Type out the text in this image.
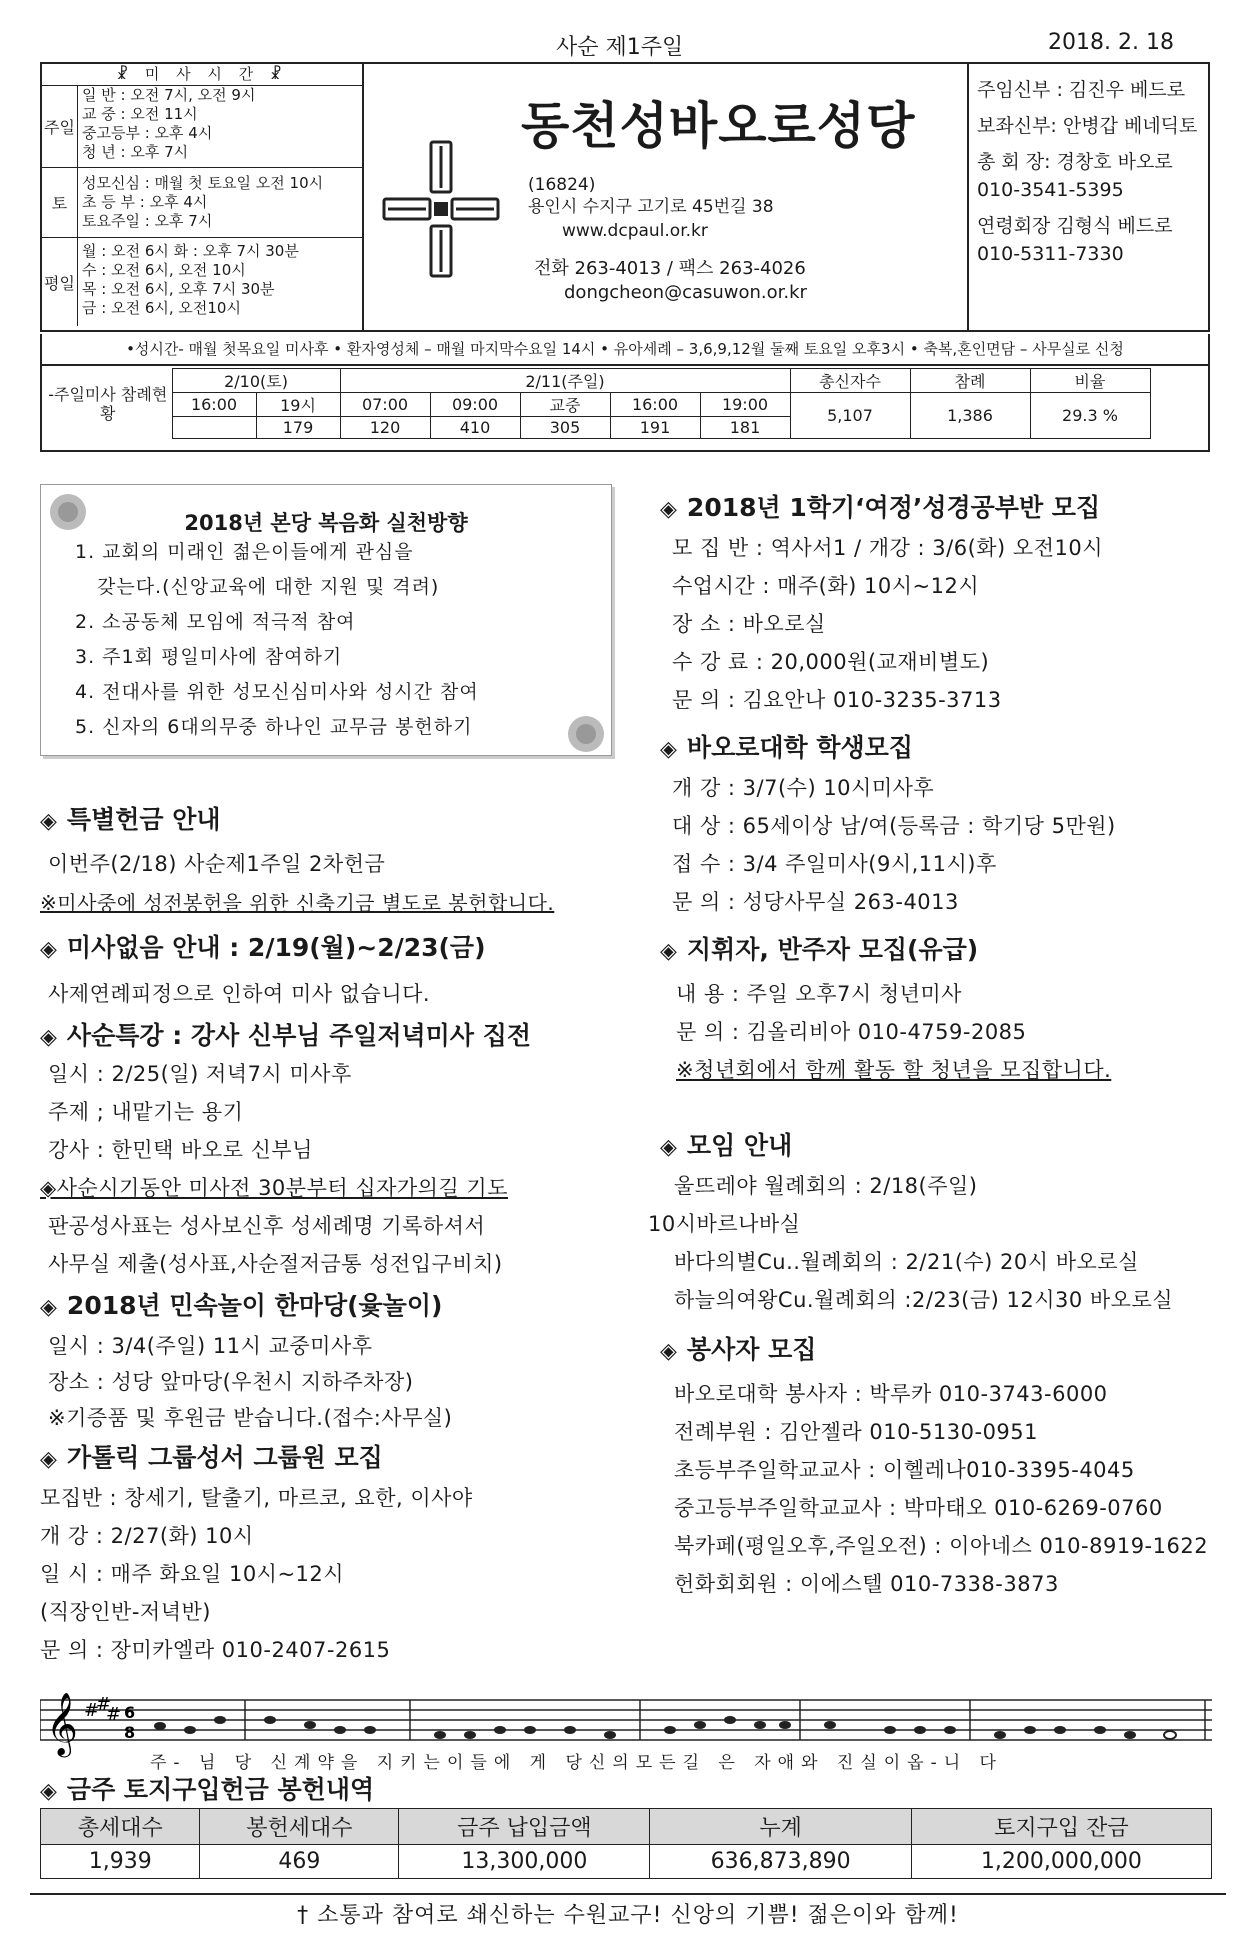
사순 제1주일	2018. 2. 18
☧ 미 사 시 간 ☧
주일
일 반 : 오전 7시, 오전 9시
교 중 : 오전 11시
중고등부 : 오후 4시
청 년 : 오후 7시
토
성모신심 : 매월 첫 토요일 오전 10시
초 등 부 : 오후 4시
토요주일 : 오후 7시
평일
월 : 오전 6시 화 : 오후 7시 30분
수 : 오전 6시, 오전 10시
목 : 오전 6시, 오후 7시 30분
금 : 오전 6시, 오전10시
동천성바오로성당
(16824)
용인시 수지구 고기로 45번길 38
www.dcpaul.or.kr
전화 263-4013 / 팩스 263-4026
dongcheon@casuwon.or.kr
주임신부 : 김진우 베드로
보좌신부: 안병갑 베네딕토
총 회 장: 경창호 바오로
010-3541-5395
연령회장 김형식 베드로
010-5311-7330
•성시간- 매월 첫목요일 미사후 • 환자영성체 – 매월 마지막수요일 14시 • 유아세례 – 3,6,9,12월 둘째 토요일 오후3시 • 축복,혼인면담 – 사무실로 신청
-주일미사 참례현황	2/10(토)		2/11(주일)					총신자수	참례	비율
	16:00	19시	07:00	09:00	교중	16:00	19:00	5,107	1,386	29.3 %
		179	120	410	305	191	181			
2018년 본당 복음화 실천방향
1. 교회의 미래인 젊은이들에게 관심을
갖는다.(신앙교육에 대한 지원 및 격려)
2. 소공동체 모임에 적극적 참여
3. 주1회 평일미사에 참여하기
4. 전대사를 위한 성모신심미사와 성시간 참여
5. 신자의 6대의무중 하나인 교무금 봉헌하기
◈ 특별헌금 안내
이번주(2/18) 사순제1주일 2차헌금
※미사중에 성전봉헌을 위한 신축기금 별도로 봉헌합니다.
◈ 미사없음 안내 : 2/19(월)~2/23(금)
사제연례피정으로 인하여 미사 없습니다.
◈ 사순특강 : 강사 신부님 주일저녁미사 집전
일시 : 2/25(일) 저녁7시 미사후
주제 ; 내맡기는 용기
강사 : 한민택 바오로 신부님
◈사순시기동안 미사전 30분부터 십자가의길 기도
판공성사표는 성사보신후 성세례명 기록하셔서
사무실 제출(성사표,사순절저금통 성전입구비치)
◈ 2018년 민속놀이 한마당(윷놀이)
일시 : 3/4(주일) 11시 교중미사후
장소 : 성당 앞마당(우천시 지하주차장)
※기증품 및 후원금 받습니다.(접수:사무실)
◈ 가톨릭 그룹성서 그룹원 모집
모집반 : 창세기, 탈출기, 마르코, 요한, 이사야
개 강 : 2/27(화) 10시
일 시 : 매주 화요일 10시~12시
(직장인반-저녁반)
문 의 : 장미카엘라 010-2407-2615
◈ 2018년 1학기‘여정’성경공부반 모집
모 집 반 : 역사서1 / 개강 : 3/6(화) 오전10시
수업시간 : 매주(화) 10시~12시
장 소 : 바오로실
수 강 료 : 20,000원(교재비별도)
문 의 : 김요안나 010-3235-3713
◈ 바오로대학 학생모집
개 강 : 3/7(수) 10시미사후
대 상 : 65세이상 남/여(등록금 : 학기당 5만원)
접 수 : 3/4 주일미사(9시,11시)후
문 의 : 성당사무실 263-4013
◈ 지휘자, 반주자 모집(유급)
내 용 : 주일 오후7시 청년미사
문 의 : 김올리비아 010-4759-2085
※청년회에서 함께 활동 할 청년을 모집합니다.
◈ 모임 안내
울뜨레야 월례회의 : 2/18(주일)
10시바르나바실
바다의별Cu..월례회의 : 2/21(수) 20시 바오로실
하늘의여왕Cu.월례회의 :2/23(금) 12시30 바오로실
◈ 봉사자 모집
바오로대학 봉사자 : 박루카 010-3743-6000
전례부원 : 김안젤라 010-5130-0951
초등부주일학교교사 : 이헬레나010-3395-4045
중고등부주일학교교사 : 박마태오 010-6269-0760
북카페(평일오후,주일오전) : 이아네스 010-8919-1622
헌화회회원 : 이에스텔 010-7338-3873
𝄞 #
#
# 6
8
주- 님 당 신계약을 지키는이들에 게 당신의모든길 은 자애와 진실이옵-니 다
◈ 금주 토지구입헌금 봉헌내역
총세대수	봉헌세대수	금주 납입금액	누계	토지구입 잔금
1,939	469	13,300,000	636,873,890	1,200,000,000
† 소통과 참여로 쇄신하는 수원교구! 신앙의 기쁨! 젊은이와 함께!
